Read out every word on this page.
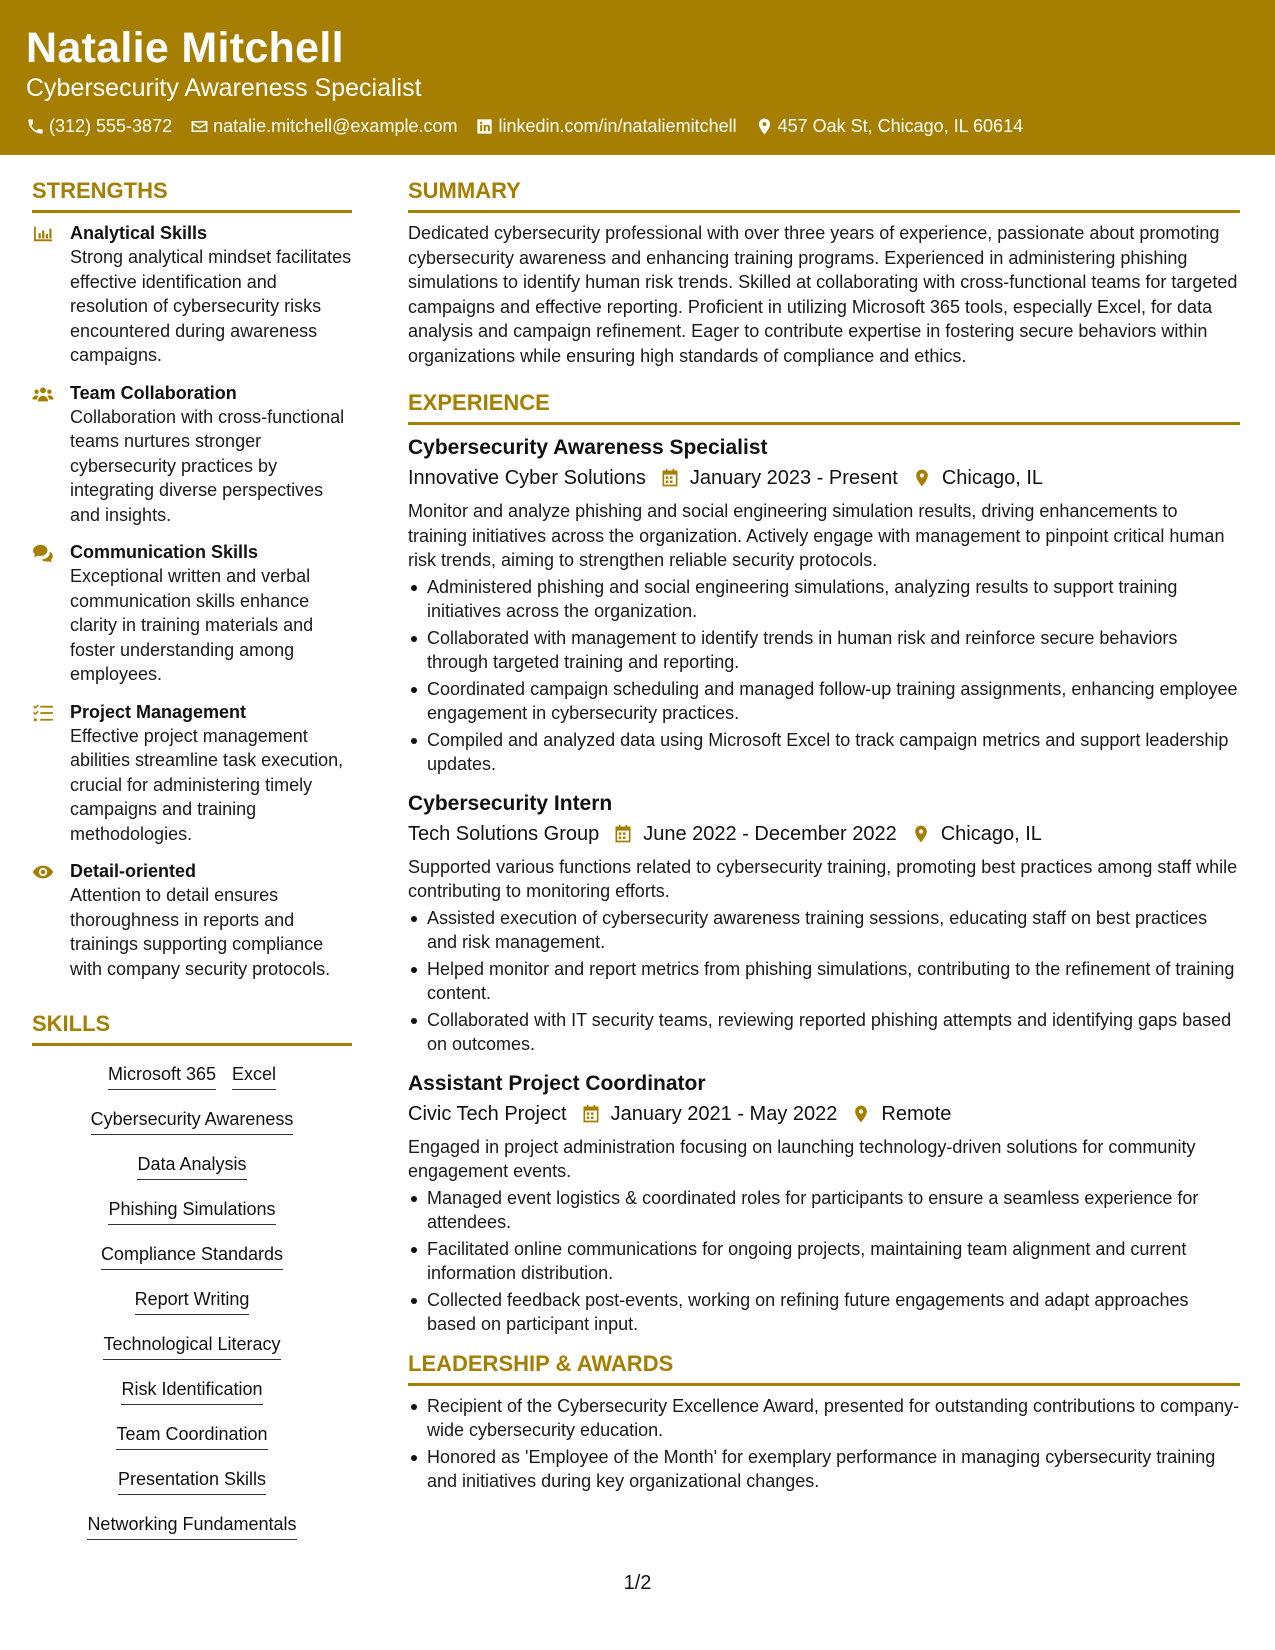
Natalie Mitchell
Cybersecurity Awareness Specialist
(312) 555-3872 natalie.mitchell@example.com linkedin.com/in/nataliemitchell 457 Oak St, Chicago, IL 60614
STRENGTHS
Analytical Skills
Strong analytical mindset facilitates effective identification and resolution of cybersecurity risks encountered during awareness campaigns.
Team Collaboration
Collaboration with cross-functional teams nurtures stronger cybersecurity practices by integrating diverse perspectives and insights.
Communication Skills
Exceptional written and verbal communication skills enhance clarity in training materials and foster understanding among employees.
Project Management
Effective project management abilities streamline task execution, crucial for administering timely campaigns and training methodologies.
Detail-oriented
Attention to detail ensures thoroughness in reports and trainings supporting compliance with company security protocols.
SKILLS
Microsoft 365 Excel
Cybersecurity Awareness
Data Analysis
Phishing Simulations
Compliance Standards
Report Writing
Technological Literacy
Risk Identification
Team Coordination
Presentation Skills
Networking Fundamentals
SUMMARY
Dedicated cybersecurity professional with over three years of experience, passionate about promoting cybersecurity awareness and enhancing training programs. Experienced in administering phishing simulations to identify human risk trends. Skilled at collaborating with cross-functional teams for targeted campaigns and effective reporting. Proficient in utilizing Microsoft 365 tools, especially Excel, for data analysis and campaign refinement. Eager to contribute expertise in fostering secure behaviors within organizations while ensuring high standards of compliance and ethics.
EXPERIENCE
Cybersecurity Awareness Specialist
Innovative Cyber Solutions January 2023 - Present Chicago, IL
Monitor and analyze phishing and social engineering simulation results, driving enhancements to training initiatives across the organization. Actively engage with management to pinpoint critical human risk trends, aiming to strengthen reliable security protocols.
Administered phishing and social engineering simulations, analyzing results to support training initiatives across the organization.
Collaborated with management to identify trends in human risk and reinforce secure behaviors through targeted training and reporting.
Coordinated campaign scheduling and managed follow-up training assignments, enhancing employee engagement in cybersecurity practices.
Compiled and analyzed data using Microsoft Excel to track campaign metrics and support leadership updates.
Cybersecurity Intern
Tech Solutions Group June 2022 - December 2022 Chicago, IL
Supported various functions related to cybersecurity training, promoting best practices among staff while contributing to monitoring efforts.
Assisted execution of cybersecurity awareness training sessions, educating staff on best practices and risk management.
Helped monitor and report metrics from phishing simulations, contributing to the refinement of training content.
Collaborated with IT security teams, reviewing reported phishing attempts and identifying gaps based on outcomes.
Assistant Project Coordinator
Civic Tech Project January 2021 - May 2022 Remote
Engaged in project administration focusing on launching technology-driven solutions for community engagement events.
Managed event logistics & coordinated roles for participants to ensure a seamless experience for attendees.
Facilitated online communications for ongoing projects, maintaining team alignment and current information distribution.
Collected feedback post-events, working on refining future engagements and adapt approaches based on participant input.
LEADERSHIP & AWARDS
Recipient of the Cybersecurity Excellence Award, presented for outstanding contributions to company-wide cybersecurity education.
Honored as 'Employee of the Month' for exemplary performance in managing cybersecurity training and initiatives during key organizational changes.
1/2
